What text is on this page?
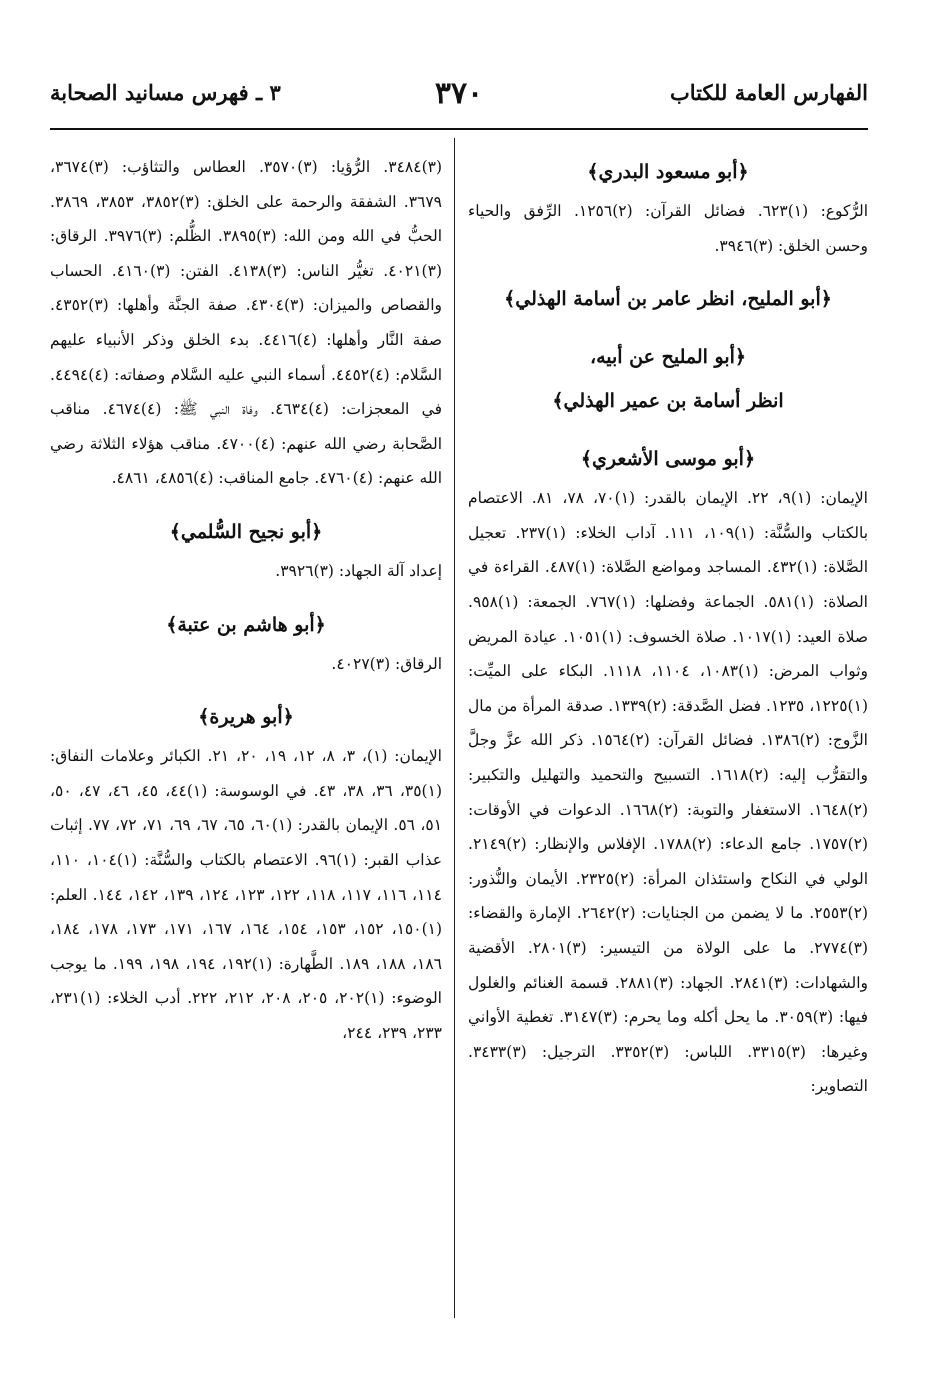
الفهارس العامة للكتاب
٣٧٠
٣ ـ فهرس مسانيد الصحابة
﴿أبو مسعود البدري﴾

الرُّكوع: (١)٦٢٣. فضائل القرآن: (٢)١٢٥٦. الرِّفق والحياء وحسن الخلق: (٣)٣٩٤٦.

﴿أبو المليح، انظر عامر بن أسامة الهذلي﴾
﴿أبو المليح عن أبيه،
انظر أسامة بن عمير الهذلي﴾
﴿أبو موسى الأشعري﴾

الإيمان: (١)٩، ٢٢. الإيمان بالقدر: (١)٧٠، ٧٨، ٨١. الاعتصام بالكتاب والسُّنَّة: (١)١٠٩، ١١١. آداب الخلاء: (١)٢٣٧. تعجيل الصَّلاة: (١)٤٣٢. المساجد ومواضع الصَّلاة: (١)٤٨٧. القراءة في الصلاة: (١)٥٨١. الجماعة وفضلها: (١)٧٦٧. الجمعة: (١)٩٥٨. صلاة العيد: (١)١٠١٧. صلاة الخسوف: (١)١٠٥١. عيادة المريض وثواب المرض: (١)١٠٨٣، ١١٠٤، ١١١٨. البكاء على الميِّت: (١)١٢٢٥، ١٢٣٥. فضل الصَّدقة: (٢)١٣٣٩. صدقة المرأة من مال الزَّوج: (٢)١٣٨٦. فضائل القرآن: (٢)١٥٦٤. ذكر الله عزَّ وجلَّ والتقرُّب إليه: (٢)١٦١٨. التسبيح والتحميد والتهليل والتكبير: (٢)١٦٤٨. الاستغفار والتوبة: (٢)١٦٦٨. الدعوات في الأوقات: (٢)١٧٥٧. جامع الدعاء: (٢)١٧٨٨. الإفلاس والإنظار: (٢)٢١٤٩. الولي في النكاح واستئذان المرأة: (٢)٢٣٢٥. الأيمان والنُّذور: (٢)٢٥٥٣. ما لا يضمن من الجنايات: (٢)٢٦٤٢. الإمارة والقضاء: (٣)٢٧٧٤. ما على الولاة من التيسير: (٣)٢٨٠١. الأقضية والشهادات: (٣)٢٨٤١. الجهاد: (٣)٢٨٨١. قسمة الغنائم والغلول فيها: (٣)٣٠٥٩. ما يحل أكله وما يحرم: (٣)٣١٤٧. تغطية الأواني وغيرها: (٣)٣٣١٥. اللباس: (٣)٣٣٥٢. الترجيل: (٣)٣٤٣٣. التصاوير:

(٣)٣٤٨٤. الرُّؤيا: (٣)٣٥٧٠. العطاس والتثاؤب: (٣)٣٦٧٤، ٣٦٧٩. الشفقة والرحمة على الخلق: (٣)٣٨٥٢، ٣٨٥٣، ٣٨٦٩. الحبُّ في الله ومن الله: (٣)٣٨٩٥. الظُّلم: (٣)٣٩٧٦. الرقاق: (٣)٤٠٢١. تغيُّر الناس: (٣)٤١٣٨. الفتن: (٣)٤١٦٠. الحساب والقصاص والميزان: (٣)٤٣٠٤. صفة الجنَّة وأهلها: (٣)٤٣٥٢. صفة النَّار وأهلها: (٤)٤٤١٦. بدء الخلق وذكر الأنبياء عليهم السَّلام: (٤)٤٤٥٢. أسماء النبي عليه السَّلام وصفاته: (٤)٤٤٩٤. في المعجزات: (٤)٤٦٣٤. وفاة النبي ﷺ: (٤)٤٦٧٤. مناقب الصَّحابة رضي الله عنهم: (٤)٤٧٠٠. مناقب هؤلاء الثلاثة رضي الله عنهم: (٤)٤٧٦٠. جامع المناقب: (٤)٤٨٥٦، ٤٨٦١.

﴿أبو نجيح السُّلمي﴾

إعداد آلة الجهاد: (٣)٣٩٢٦.

﴿أبو هاشم بن عتبة﴾

الرقاق: (٣)٤٠٢٧.

﴿أبو هريرة﴾

الإيمان: (١)، ٣، ٨، ١٢، ١٩، ٢٠، ٢١. الكبائر وعلامات النفاق: (١)٣٥، ٣٦، ٣٨، ٤٣. في الوسوسة: (١)٤٤، ٤٥، ٤٦، ٤٧، ٥٠، ٥١، ٥٦. الإيمان بالقدر: (١)٦٠، ٦٥، ٦٧، ٦٩، ٧١، ٧٢، ٧٧. إثبات عذاب القبر: (١)٩٦. الاعتصام بالكتاب والسُّنَّة: (١)١٠٤، ١١٠، ١١٤، ١١٦، ١١٧، ١١٨، ١٢٢، ١٢٣، ١٢٤، ١٣٩، ١٤٢، ١٤٤. العلم: (١)١٥٠، ١٥٢، ١٥٣، ١٥٤، ١٦٤، ١٦٧، ١٧١، ١٧٣، ١٧٨، ١٨٤، ١٨٦، ١٨٨، ١٨٩. الطَّهارة: (١)١٩٢، ١٩٤، ١٩٨، ١٩٩. ما يوجب الوضوء: (١)٢٠٢، ٢٠٥، ٢٠٨، ٢١٢، ٢٢٢. أدب الخلاء: (١)٢٣١، ٢٣٣، ٢٣٩، ٢٤٤،
